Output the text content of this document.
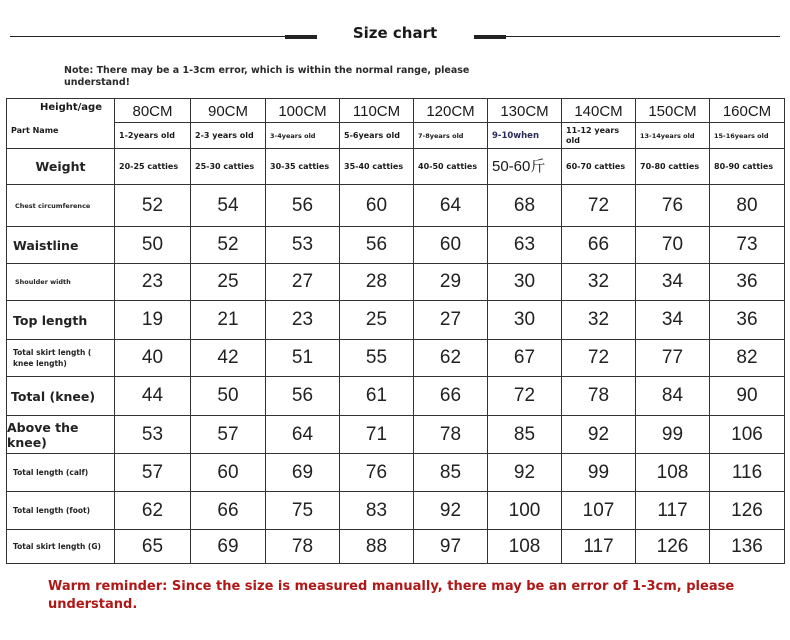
Size chart
Note: There may be a 1-3cm error, which is within the normal range, please understand!
Height/age
Part Name	80CM	90CM	100CM	110CM	120CM	130CM	140CM	150CM	160CM
	1-2years old	2-3 years old	3-4years old	5-6years old	7-8years old	9-10when	11-12 years old	13-14years old	15-16years old
Weight	20-25 catties	25-30 catties	30-35 catties	35-40 catties	40-50 catties	50-60斤	60-70 catties	70-80 catties	80-90 catties
Chest circumference	52	54	56	60	64	68	72	76	80
Waistline	50	52	53	56	60	63	66	70	73
Shoulder width	23	25	27	28	29	30	32	34	36
Top length	19	21	23	25	27	30	32	34	36
Total skirt length ( knee length)	40	42	51	55	62	67	72	77	82
Total (knee)	44	50	56	61	66	72	78	84	90
Above the knee)	53	57	64	71	78	85	92	99	106
Total length (calf)	57	60	69	76	85	92	99	108	116
Total length (foot)	62	66	75	83	92	100	107	117	126
Total skirt length (G)	65	69	78	88	97	108	117	126	136
Warm reminder: Since the size is measured manually, there may be an error of 1-3cm, please understand.
